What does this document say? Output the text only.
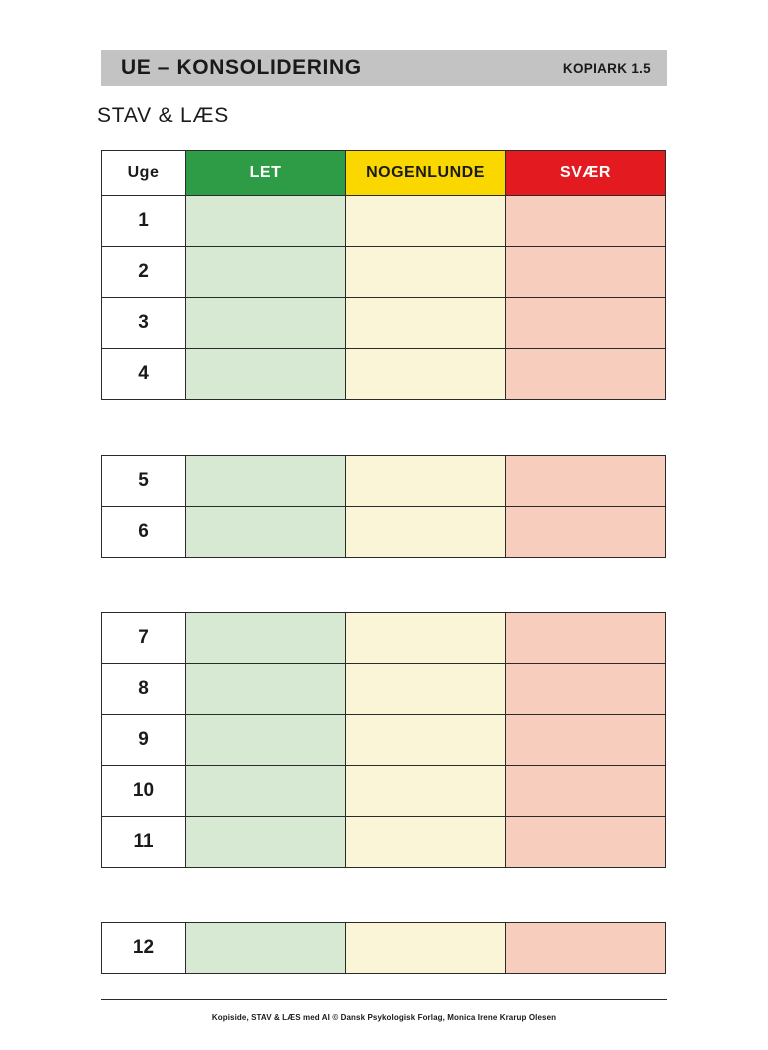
UE – KONSOLIDERING	KOPIARK 1.5
STAV & LÆS
Uge	LET	NOGENLUNDE	SVÆR
1			
2			
3			
4			
5			
6			
7			
8			
9			
10			
11			
12			
Kopiside, STAV & LÆS med AI © Dansk Psykologisk Forlag, Monica Irene Krarup Olesen
